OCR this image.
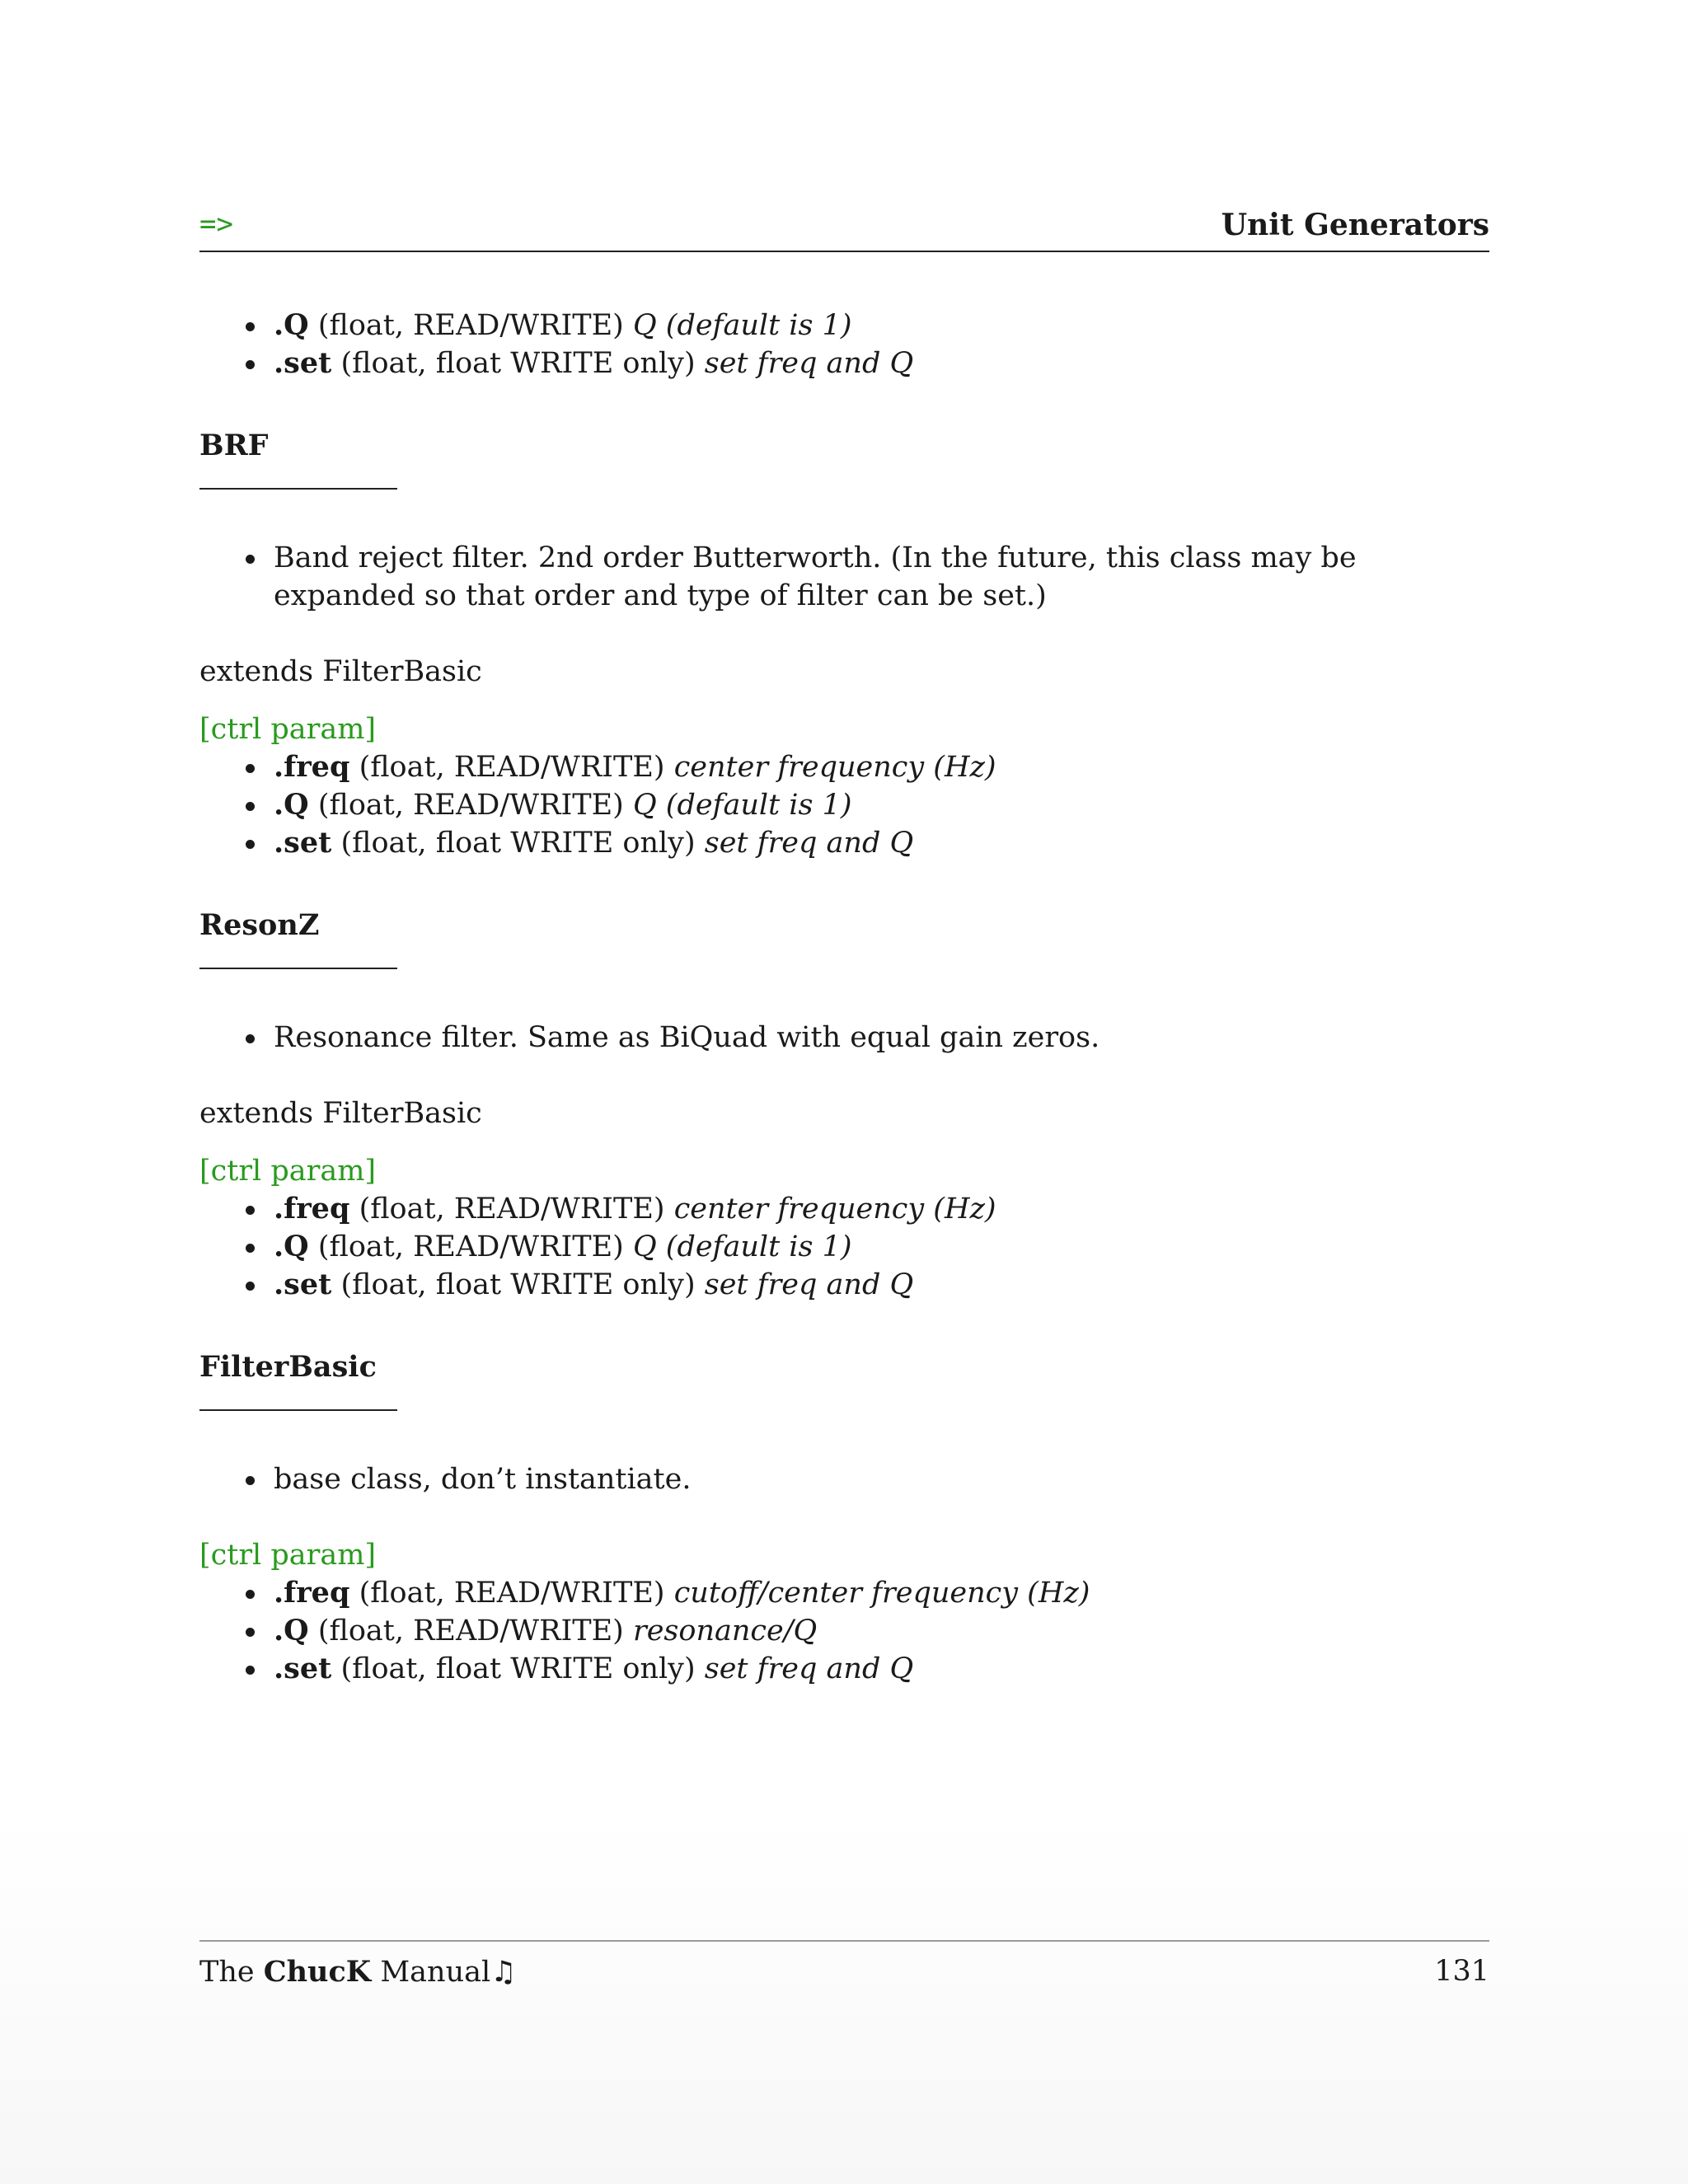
=>	Unit Generators
.Q (float, READ/WRITE) Q (default is 1)
.set (float, float WRITE only) set freq and Q
BRF
Band reject filter. 2nd order Butterworth. (In the future, this class may be expanded so that order and type of filter can be set.)

extends FilterBasic

[ctrl param]

.freq (float, READ/WRITE) center frequency (Hz)
.Q (float, READ/WRITE) Q (default is 1)
.set (float, float WRITE only) set freq and Q
ResonZ
Resonance filter. Same as BiQuad with equal gain zeros.

extends FilterBasic

[ctrl param]

.freq (float, READ/WRITE) center frequency (Hz)
.Q (float, READ/WRITE) Q (default is 1)
.set (float, float WRITE only) set freq and Q
FilterBasic
base class, don’t instantiate.

[ctrl param]

.freq (float, READ/WRITE) cutoff/center frequency (Hz)
.Q (float, READ/WRITE) resonance/Q
.set (float, float WRITE only) set freq and Q
The ChucK Manual♫	131
